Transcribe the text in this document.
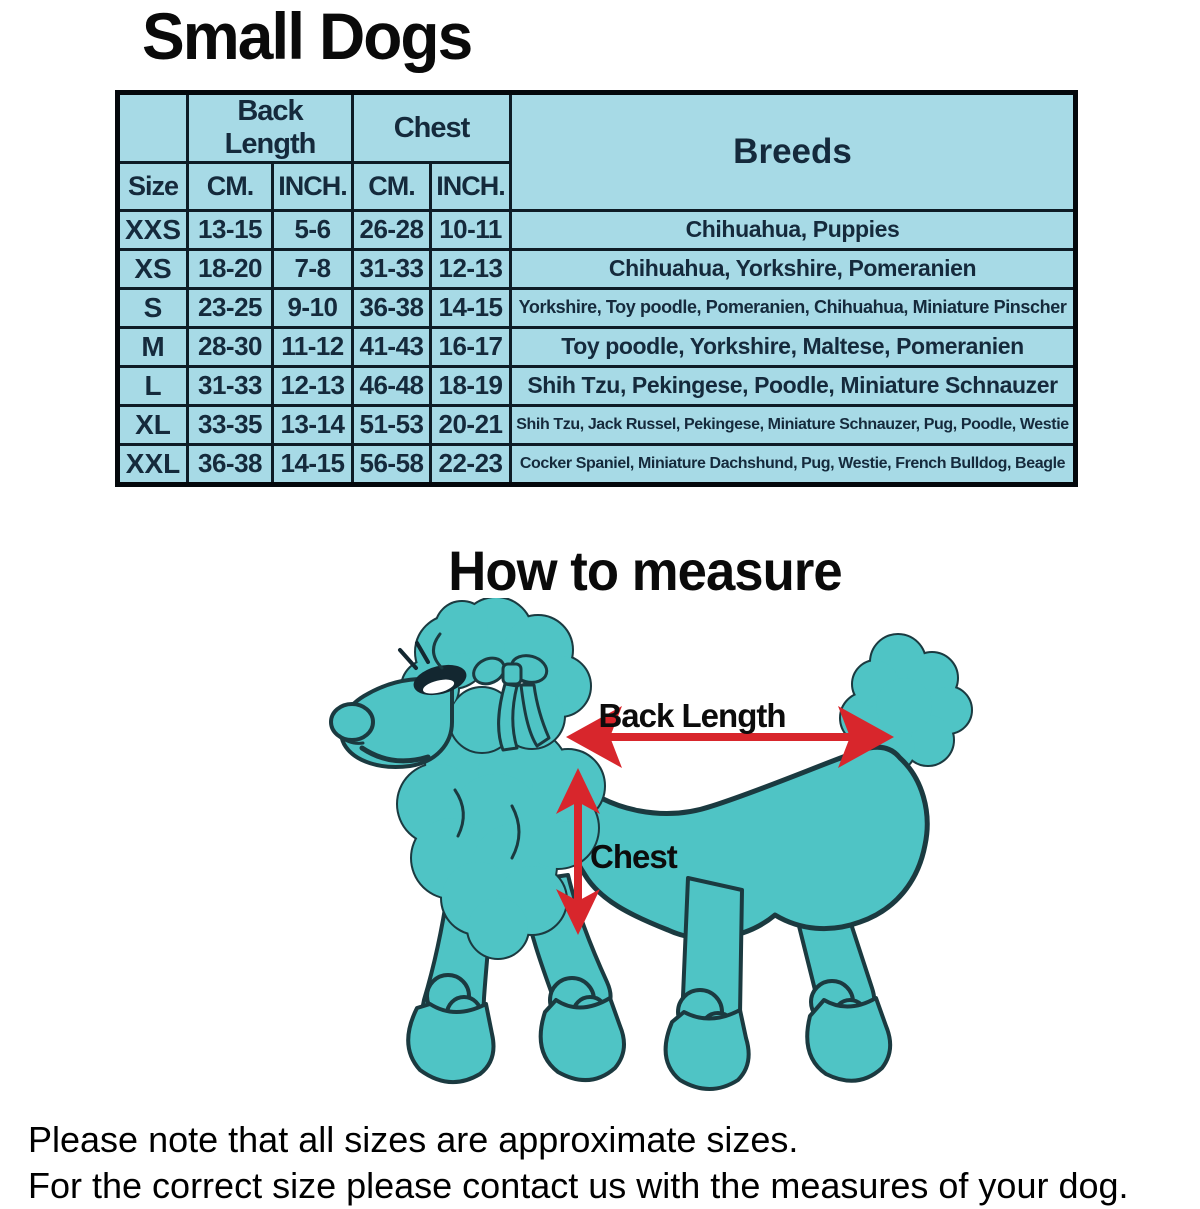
Small Dogs
	Back Length		Chest		Breeds
Size	CM.	INCH.	CM.	INCH.	
XXS	13-15	5-6	26-28	10-11	Chihuahua, Puppies

XS	18-20	7-8	31-33	12-13	Chihuahua, Yorkshire, Pomeranien

S	23-25	9-10	36-38	14-15	Yorkshire, Toy poodle, Pomeranien, Chihuahua, Miniature Pinscher

M	28-30	11-12	41-43	16-17	Toy poodle, Yorkshire, Maltese, Pomeranien

L	31-33	12-13	46-48	18-19	Shih Tzu, Pekingese, Poodle, Miniature Schnauzer

XL	33-35	13-14	51-53	20-21	Shih Tzu, Jack Russel, Pekingese, Miniature Schnauzer, Pug, Poodle, Westie

XXL	36-38	14-15	56-58	22-23	Cocker Spaniel, Miniature Dachshund, Pug, Westie, French Bulldog, Beagle
How to measure
Back Length
Chest
Please note that all sizes are approximate sizes.
For the correct size please contact us with the measures of your dog.
